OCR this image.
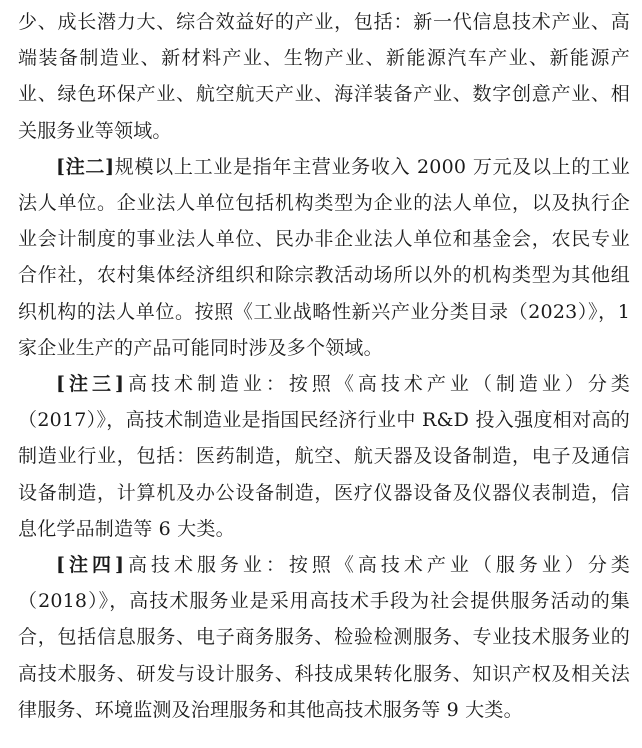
少、成长潜力大、综合效益好的产业，包括：新一代信息技术产业、高端装备制造业、新材料产业、生物产业、新能源汽车产业、新能源产业、绿色环保产业、航空航天产业、海洋装备产业、数字创意产业、相关服务业等领域。

[注二]规模以上工业是指年主营业务收入 2000 万元及以上的工业法人单位。企业法人单位包括机构类型为企业的法人单位，以及执行企业会计制度的事业法人单位、民办非企业法人单位和基金会，农民专业合作社，农村集体经济组织和除宗教活动场所以外的机构类型为其他组织机构的法人单位。按照《工业战略性新兴产业分类目录（2023）》，1 家企业生产的产品可能同时涉及多个领域。

[注三]高技术制造业：按照《高技术产业（制造业）分类（2017）》，高技术制造业是指国民经济行业中 R&D 投入强度相对高的制造业行业，包括：医药制造，航空、航天器及设备制造，电子及通信设备制造，计算机及办公设备制造，医疗仪器设备及仪器仪表制造，信息化学品制造等 6 大类。

[注四]高技术服务业：按照《高技术产业（服务业）分类（2018）》，高技术服务业是采用高技术手段为社会提供服务活动的集合，包括信息服务、电子商务服务、检验检测服务、专业技术服务业的高技术服务、研发与设计服务、科技成果转化服务、知识产权及相关法律服务、环境监测及治理服务和其他高技术服务等 9 大类。
